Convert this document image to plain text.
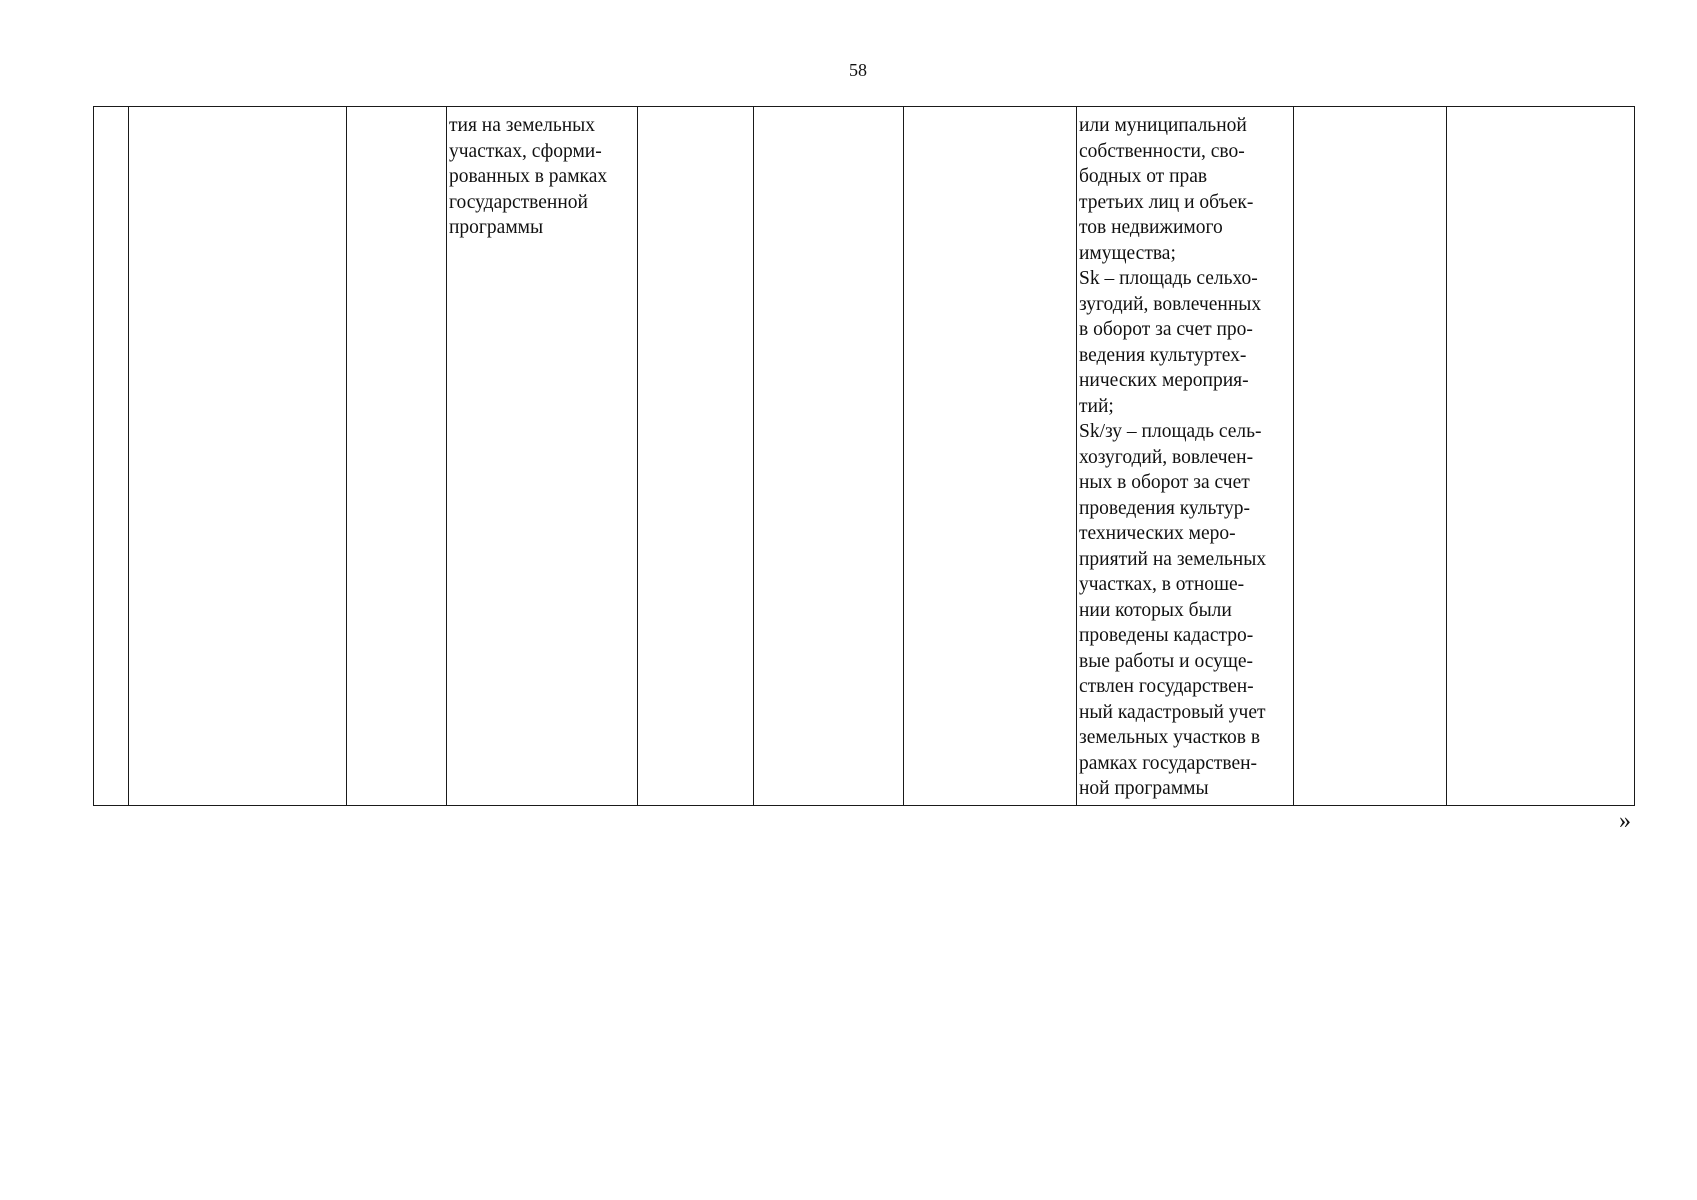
58
			тия на земельных
участках, сформи-
рованных в рамках
государственной
программы				или муниципальной
собственности, сво-
бодных от прав
третьих лиц и объек-
тов недвижимого
имущества;
Sk – площадь сельхо-
зугодий, вовлеченных
в оборот за счет про-
ведения культуртех-
нических мероприя-
тий;
Sk/зу – площадь сель-
хозугодий, вовлечен-
ных в оборот за счет
проведения культур-
технических меро-
приятий на земельных
участках, в отноше-
нии которых были
проведены кадастро-
вые работы и осуще-
ствлен государствен-
ный кадастровый учет
земельных участков в
рамках государствен-
ной программы		
»
